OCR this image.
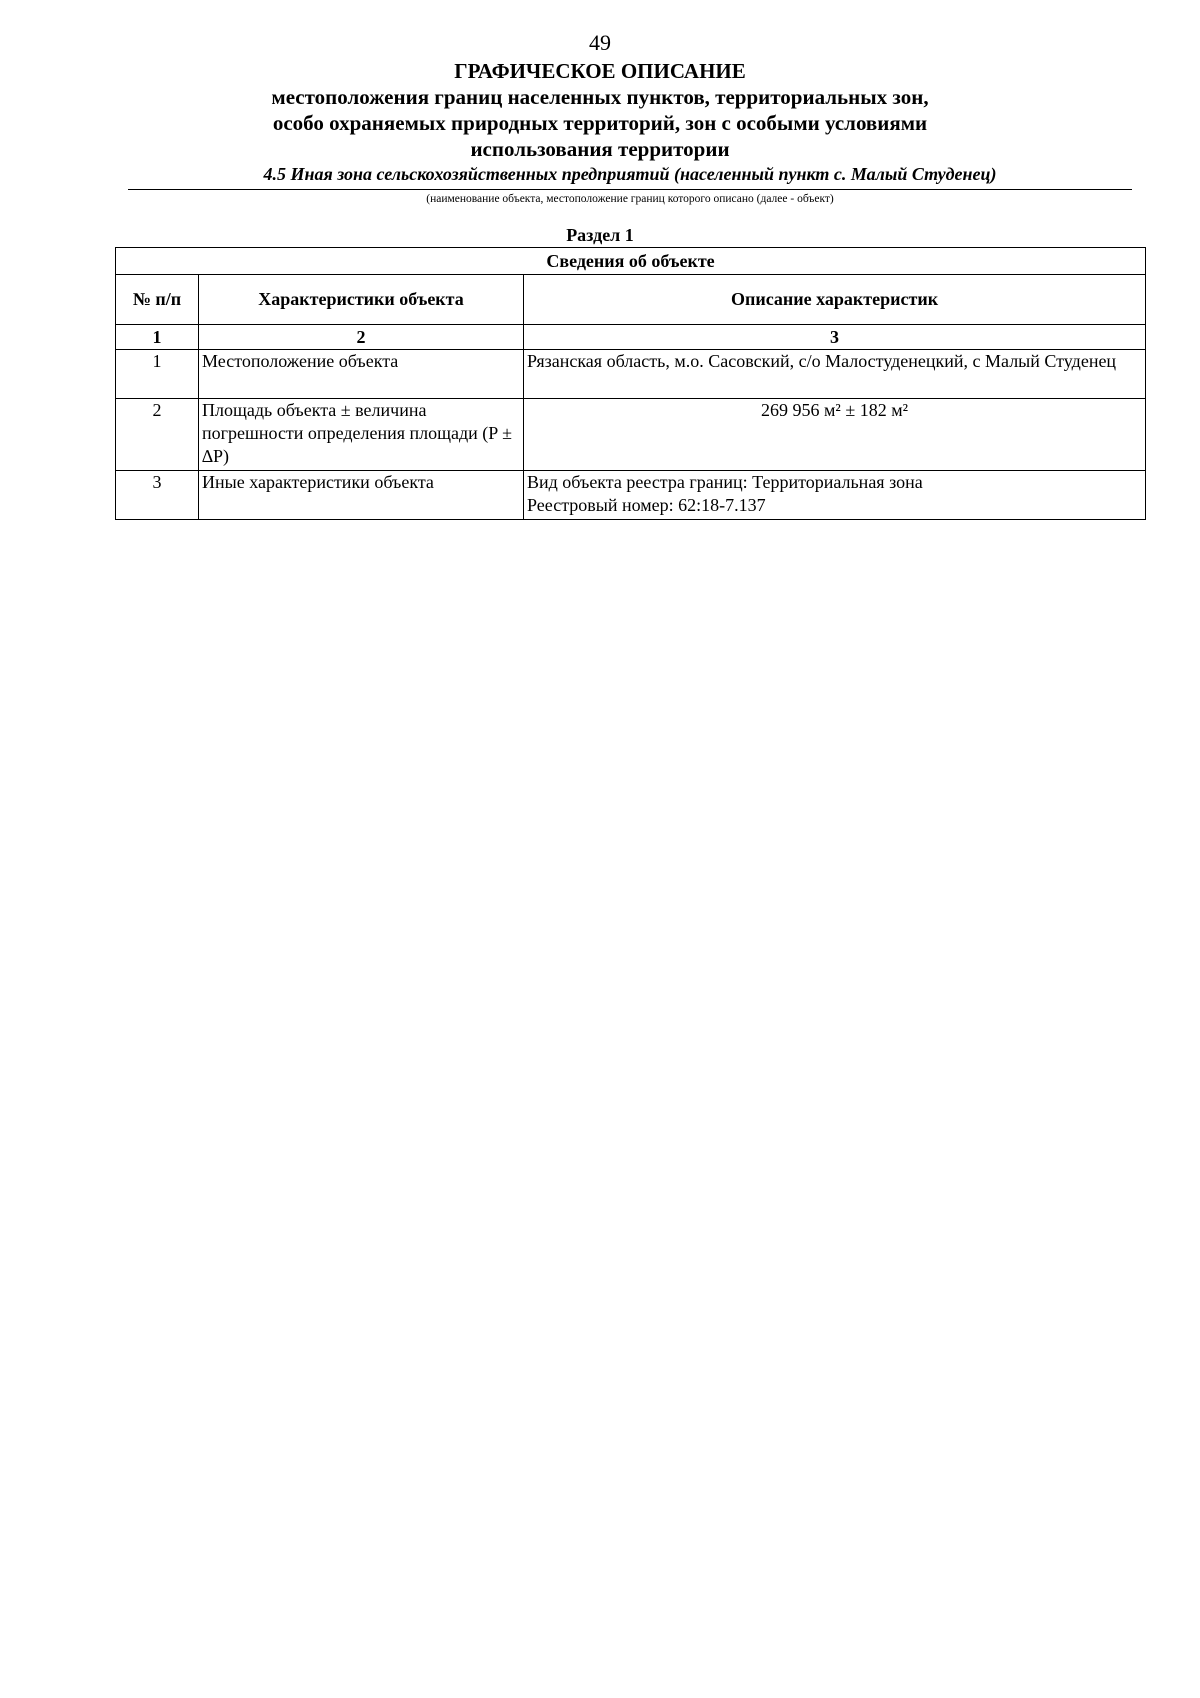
49
ГРАФИЧЕСКОЕ ОПИСАНИЕ
местоположения границ населенных пунктов, территориальных зон, особо охраняемых природных территорий, зон с особыми условиями использования территории
4.5 Иная зона сельскохозяйственных предприятий (населенный пункт с. Малый Студенец)
(наименование объекта, местоположение границ которого описано (далее - объект)
Раздел 1
Сведения об объекте		
№ п/п	Характеристики объекта	Описание характеристик
1	2	3
1	Местоположение объекта	Рязанская область, м.о. Сасовский, с/о Малостуденецкий, с Малый Студенец

2	Площадь объекта ± величина погрешности определения площади (P ± ∆P)	269 956 м² ± 182 м²

3	Иные характеристики объекта	Вид объекта реестра границ: Территориальная зона
Реестровый номер: 62:18-7.137
